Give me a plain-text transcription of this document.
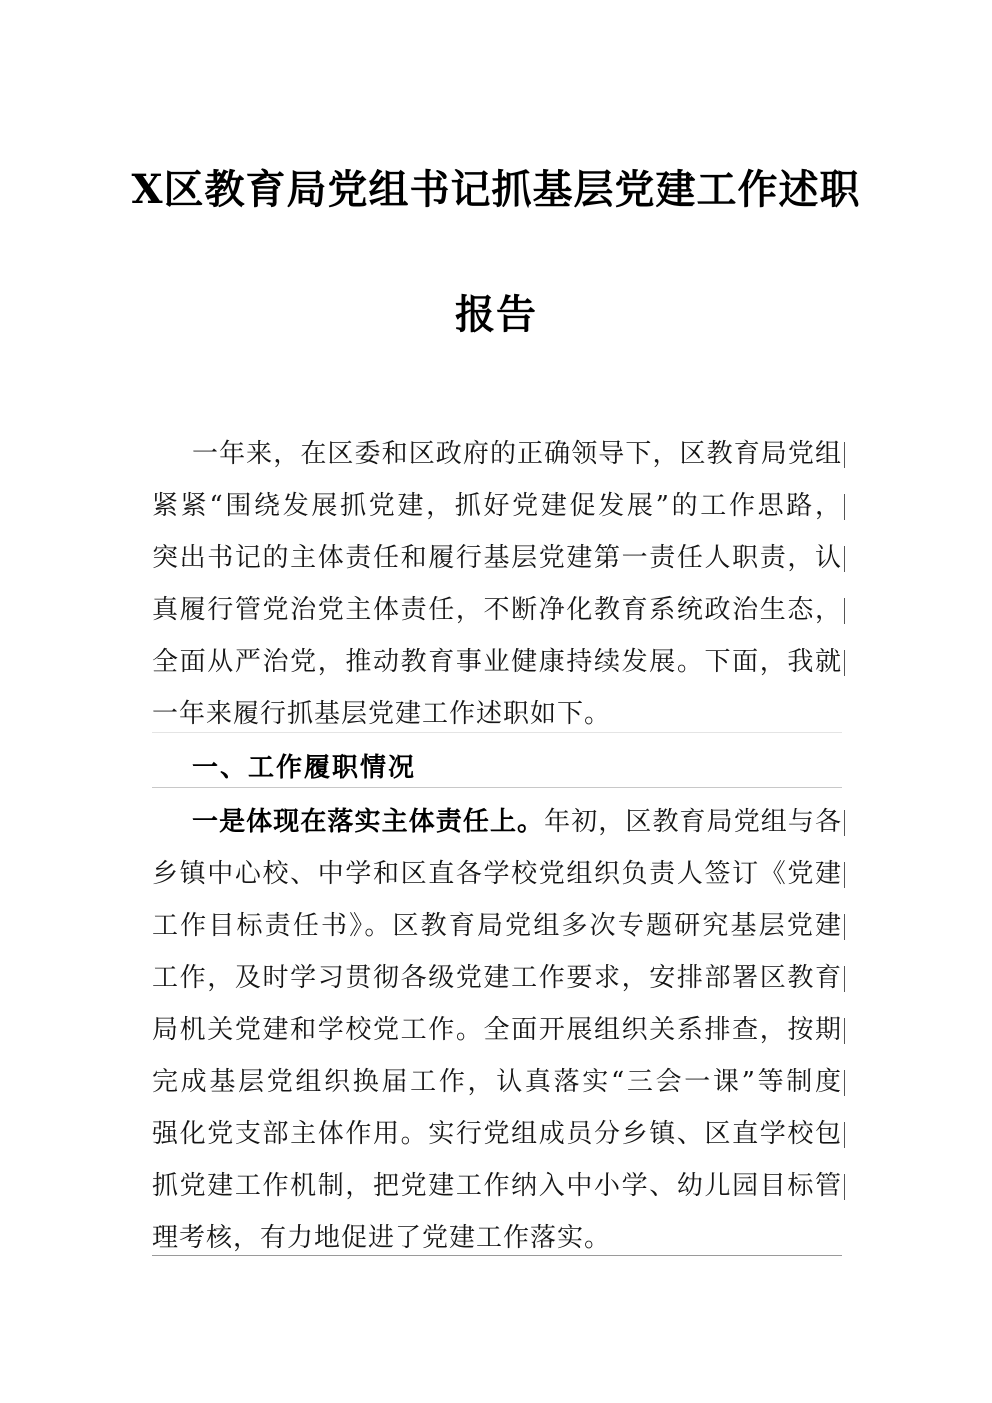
X区教育局党组书记抓基层党建工作述职
报告
一年来，在区委和区政府的正确领导下，区教育局党组
紧紧“围绕发展抓党建，抓好党建促发展”的工作思路，
突出书记的主体责任和履行基层党建第一责任人职责，认
真履行管党治党主体责任，不断净化教育系统政治生态，
全面从严治党，推动教育事业健康持续发展。下面，我就
一年来履行抓基层党建工作述职如下。
一、工作履职情况
一是体现在落实主体责任上。年初，区教育局党组与各
乡镇中心校、中学和区直各学校党组织负责人签订《党建
工作目标责任书》。区教育局党组多次专题研究基层党建
工作，及时学习贯彻各级党建工作要求，安排部署区教育
局机关党建和学校党工作。全面开展组织关系排查，按期
完成基层党组织换届工作，认真落实“三会一课”等制度
强化党支部主体作用。实行党组成员分乡镇、区直学校包
抓党建工作机制，把党建工作纳入中小学、幼儿园目标管
理考核，有力地促进了党建工作落实。
